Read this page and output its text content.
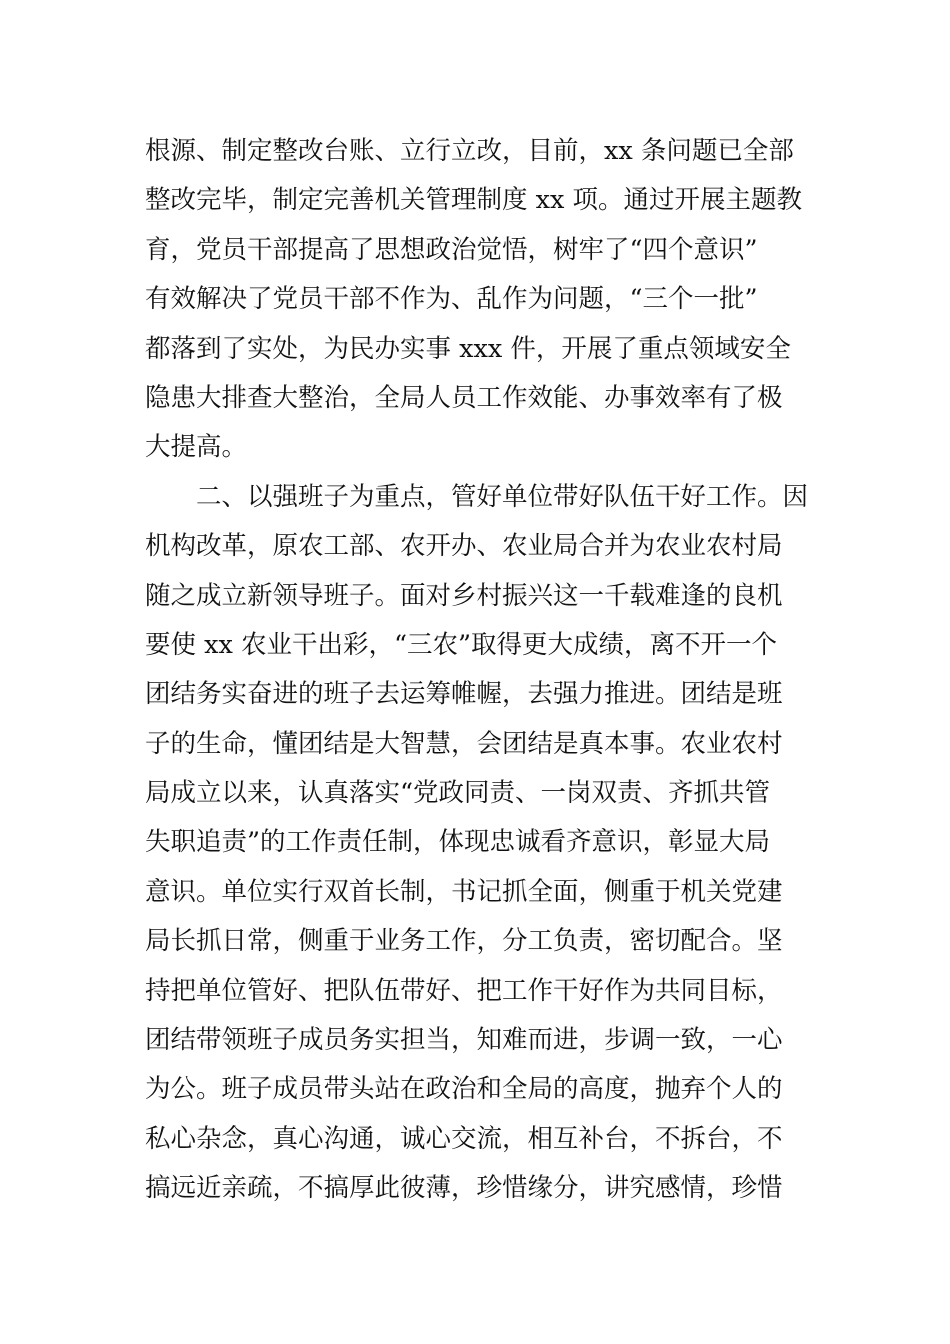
根源、制定整改台账、立行立改，目前，xx 条问题已全部
整改完毕，制定完善机关管理制度 xx 项。通过开展主题教
育，党员干部提高了思想政治觉悟，树牢了“四个意识”
有效解决了党员干部不作为、乱作为问题，“三个一批”
都落到了实处，为民办实事 xxx 件，开展了重点领域安全
隐患大排查大整治，全局人员工作效能、办事效率有了极
大提高。
　　二、以强班子为重点，管好单位带好队伍干好工作。因
机构改革，原农工部、农开办、农业局合并为农业农村局
随之成立新领导班子。面对乡村振兴这一千载难逢的良机
要使 xx 农业干出彩，“三农”取得更大成绩，离不开一个
团结务实奋进的班子去运筹帷幄，去强力推进。团结是班
子的生命，懂团结是大智慧，会团结是真本事。农业农村
局成立以来，认真落实“党政同责、一岗双责、齐抓共管
失职追责”的工作责任制，体现忠诚看齐意识，彰显大局
意识。单位实行双首长制，书记抓全面，侧重于机关党建
局长抓日常，侧重于业务工作，分工负责，密切配合。坚
持把单位管好、把队伍带好、把工作干好作为共同目标，
团结带领班子成员务实担当，知难而进，步调一致，一心
为公。班子成员带头站在政治和全局的高度，抛弃个人的
私心杂念，真心沟通，诚心交流，相互补台，不拆台，不
搞远近亲疏，不搞厚此彼薄，珍惜缘分，讲究感情，珍惜
